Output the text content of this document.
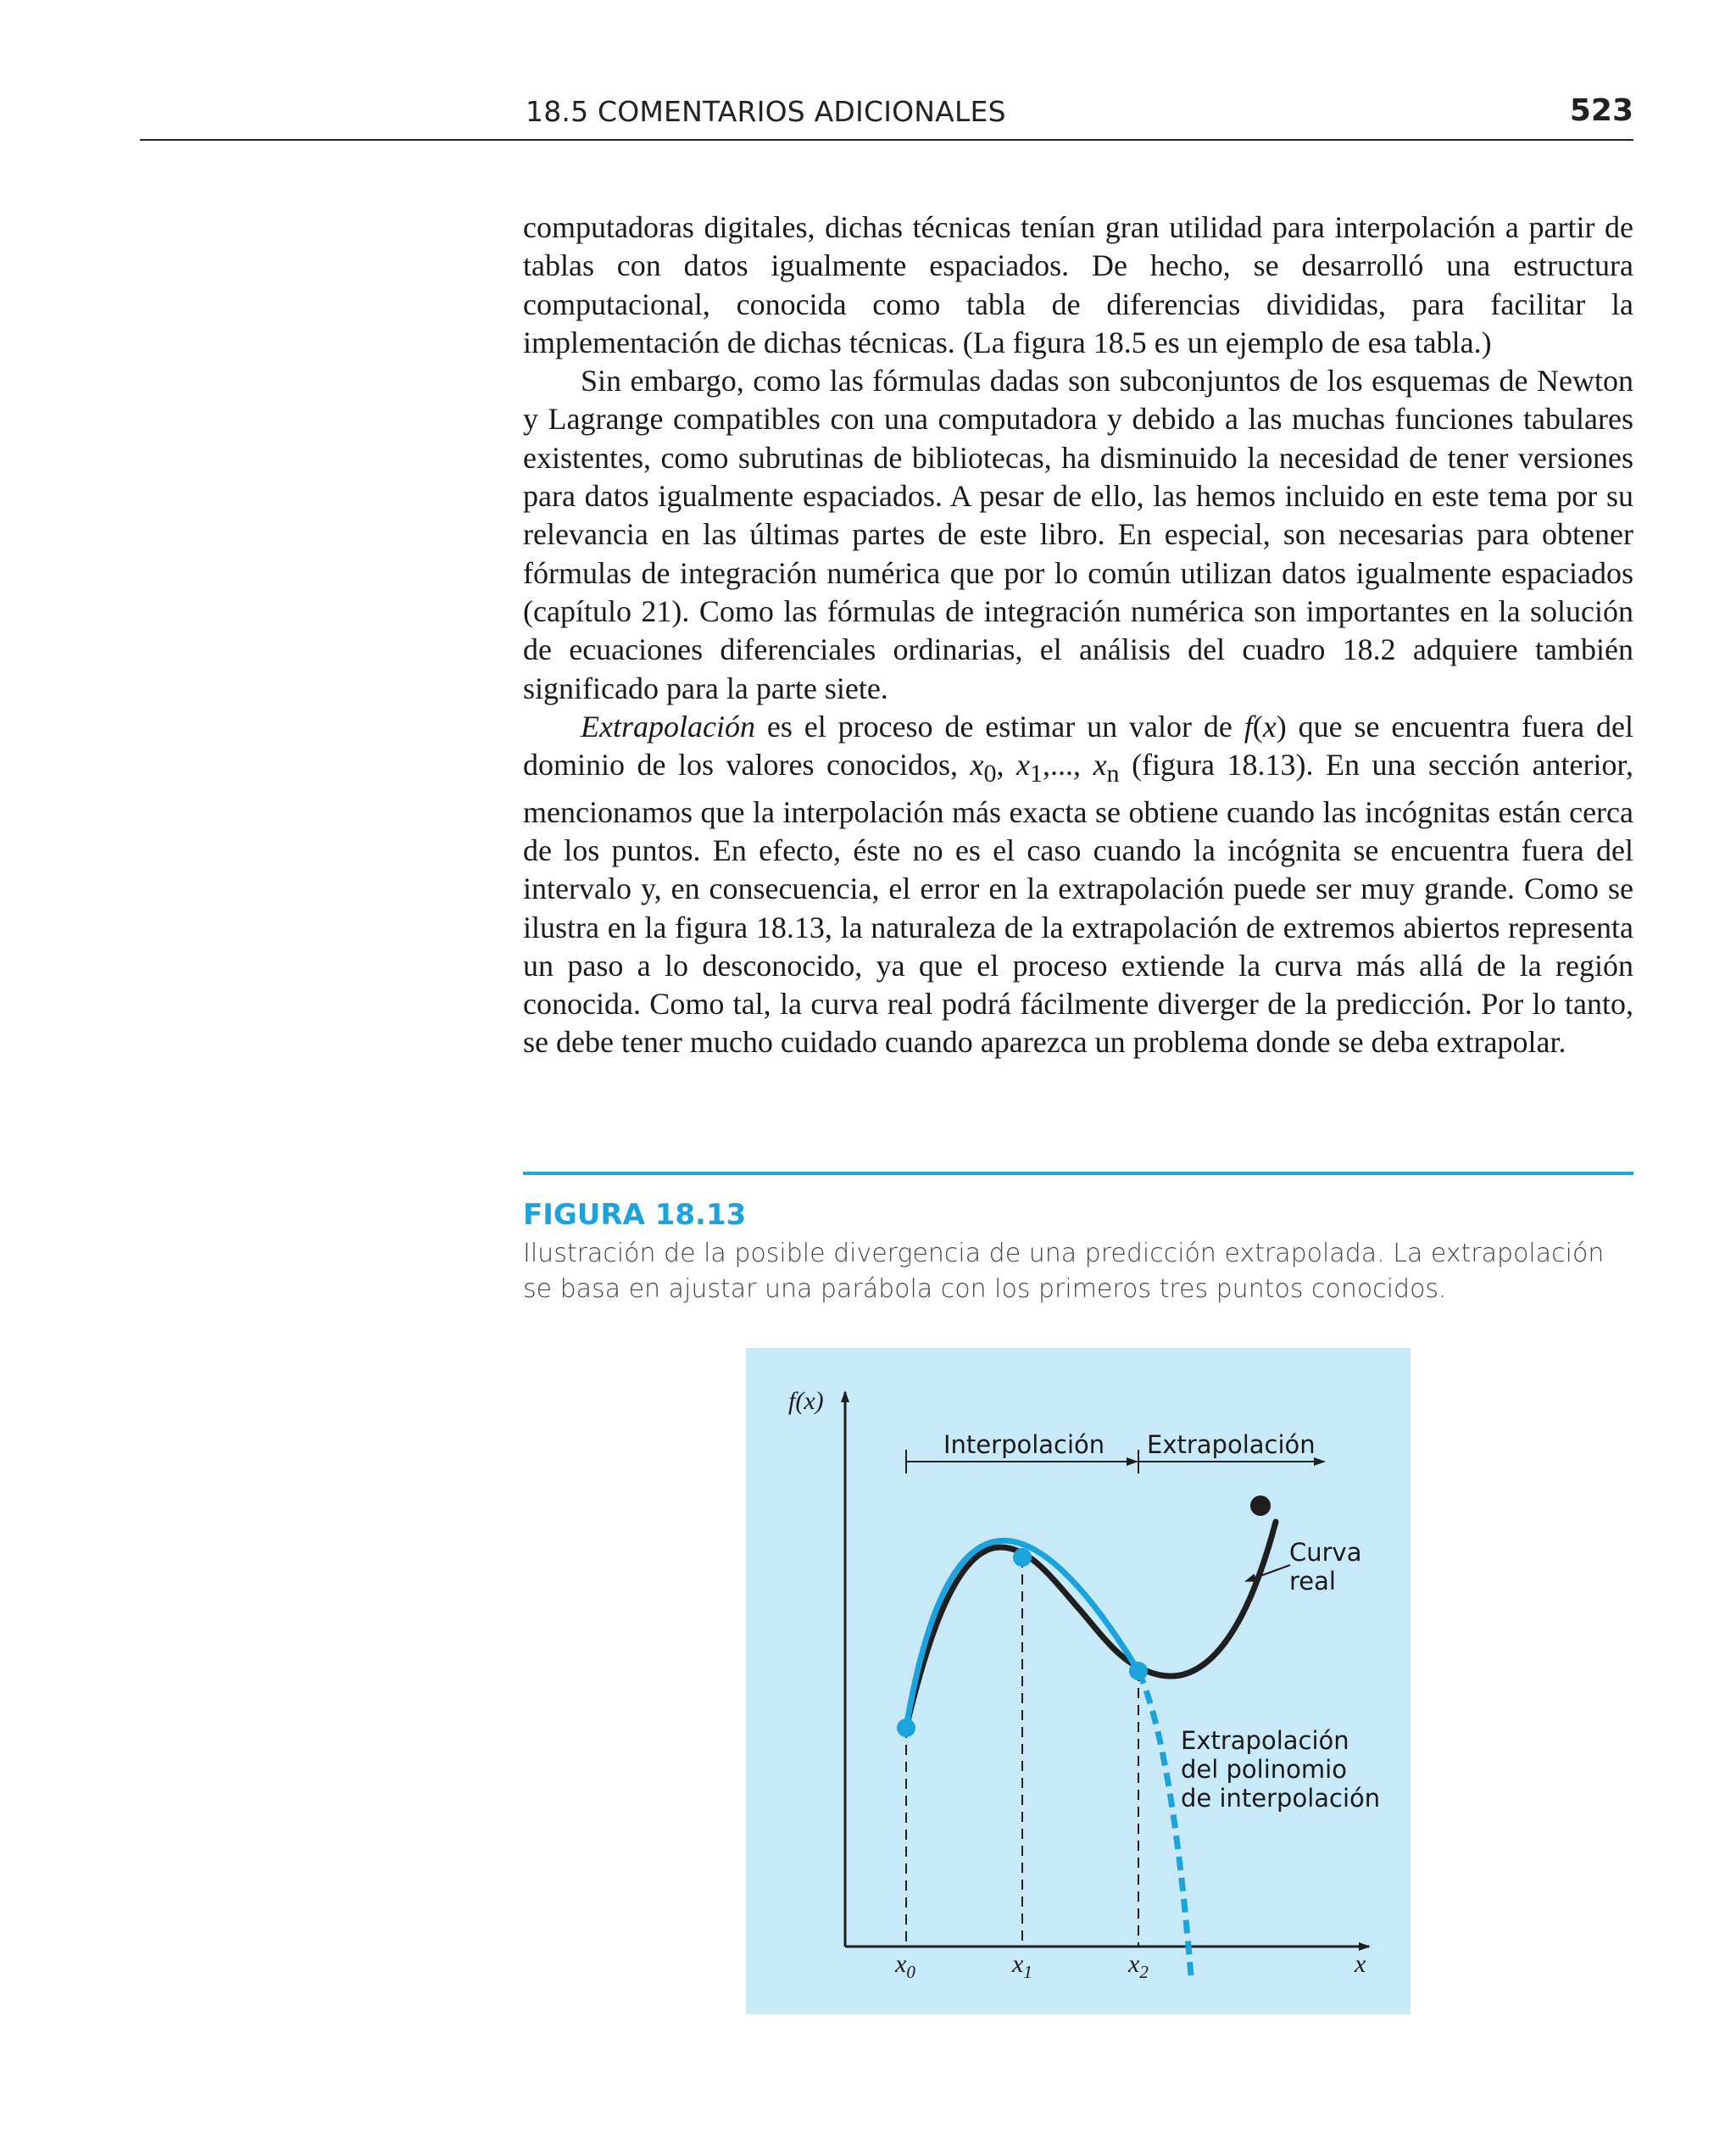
18.5 COMENTARIOS ADICIONALES	523

computadoras digitales, dichas técnicas tenían gran utilidad para interpolación a partir de tablas con datos igualmente espaciados. De hecho, se desarrolló una estructura computacional, conocida como tabla de diferencias divididas, para facilitar la implementación de dichas técnicas. (La figura 18.5 es un ejemplo de esa tabla.)

Sin embargo, como las fórmulas dadas son subconjuntos de los esquemas de Newton y Lagrange compatibles con una computadora y debido a las muchas funciones tabulares existentes, como subrutinas de bibliotecas, ha disminuido la necesidad de tener versiones para datos igualmente espaciados. A pesar de ello, las hemos incluido en este tema por su relevancia en las últimas partes de este libro. En especial, son necesarias para obtener fórmulas de integración numérica que por lo común utilizan datos igualmente espaciados (capítulo 21). Como las fórmulas de integración numérica son importantes en la solución de ecuaciones diferenciales ordinarias, el análisis del cuadro 18.2 adquiere también significado para la parte siete.

Extrapolación es el proceso de estimar un valor de f(x) que se encuentra fuera del dominio de los valores conocidos, $x_0$, $x_1$,..., $x_n$ (figura 18.13). En una sección anterior, mencionamos que la interpolación más exacta se obtiene cuando las incógnitas están cerca de los puntos. En efecto, éste no es el caso cuando la incógnita se encuentra fuera del intervalo y, en consecuencia, el error en la extrapolación puede ser muy grande. Como se ilustra en la figura 18.13, la naturaleza de la extrapolación de extremos abiertos representa un paso a lo desconocido, ya que el proceso extiende la curva más allá de la región conocida. Como tal, la curva real podrá fácilmente diverger de la predicción. Por lo tanto, se debe tener mucho cuidado cuando aparezca un problema donde se deba extrapolar.

FIGURA 18.13
Ilustración de la posible divergencia de una predicción extrapolada. La extrapolación se basa en ajustar una parábola con los primeros tres puntos conocidos.
f(x)
$x_0$	$x_1$	$x_2$	x
Interpolación Extrapolación
Curva
real
Extrapolación
del polinomio
de interpolación
